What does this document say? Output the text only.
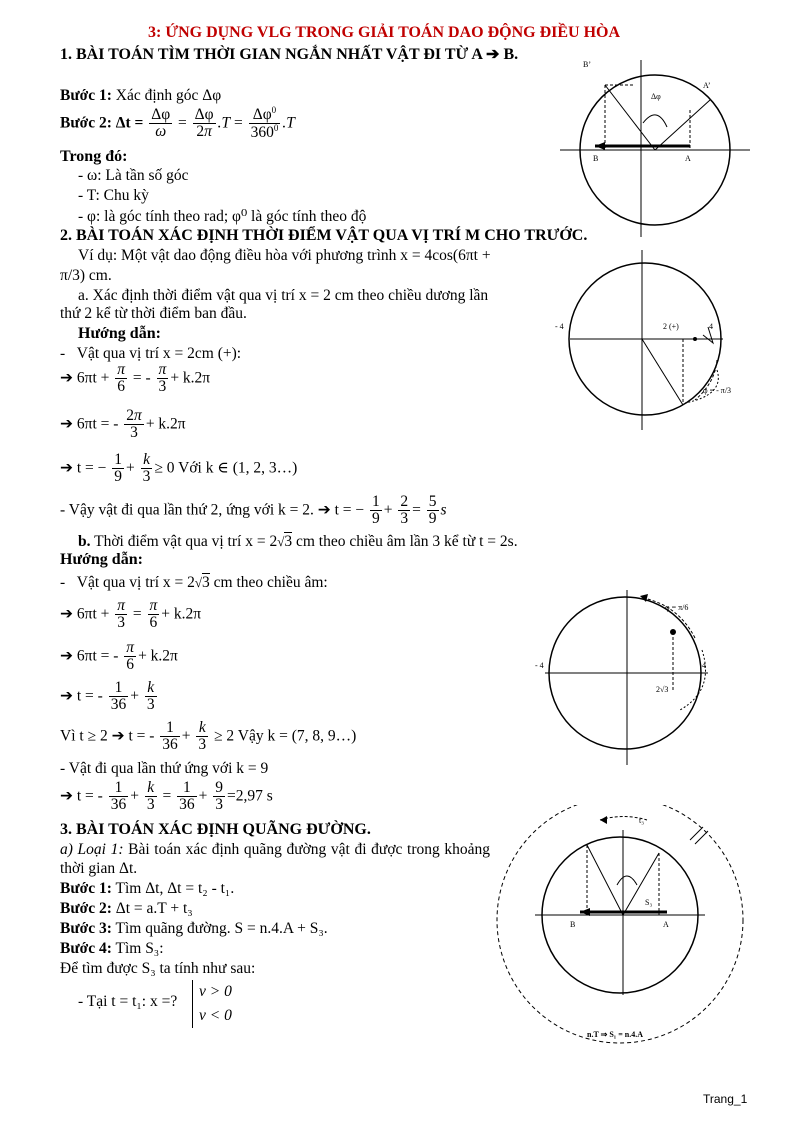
3: ỨNG DỤNG VLG TRONG GIẢI TOÁN DAO ĐỘNG ĐIỀU HÒA
1. BÀI TOÁN TÌM THỜI GIAN NGẮN NHẤT VẬT ĐI TỪ A ➔ B.
Bước 1: Xác định góc Δφ
Bước 2: $\Delta t = \frac{\Delta\varphi}{\omega} = \frac{\Delta\varphi}{2\pi} .T = \frac{\Delta\varphi^0}{360^0} .T$
Trong đó:
- ω: Là tần số góc
- T: Chu kỳ
- φ: là góc tính theo rad; φ⁰ là góc tính theo độ
B’
A’
Δφ
B	A
2. BÀI TOÁN XÁC ĐỊNH THỜI ĐIỂM VẬT QUA VỊ TRÍ M CHO TRƯỚC.
Ví dụ: Một vật dao động điều hòa với phương trình x = 4cos(6πt +
π/3) cm.
a. Xác định thời điểm vật qua vị trí x = 2 cm theo chiều dương lần
thứ 2 kể từ thời điểm ban đầu.
Hướng dẫn:
-   Vật qua vị trí x = 2cm (+):
➔ $6\pi t + \frac{\pi}{6}$ = - $\frac{\pi}{3} + k.2\pi$
➔ 6πt = - $\frac{2\pi}{3} + k.2\pi$
➔ t = − $\frac{1}{9} + \frac{k}{3} \ge 0$ Với k ∈ (1, 2, 3…)
- Vậy vật đi qua lần thứ 2, ứng với k = 2. ➔ t = − $\frac{1}{9} + \frac{2}{3} = \frac{5}{9}$ s
b. Thời điểm vật qua vị trí x = 2√3 cm theo chiều âm lần 3 kể từ t = 2s.
Hướng dẫn:
-   Vật qua vị trí x = 2√3 cm theo chiều âm:
➔ $6\pi t + \frac{\pi}{3} = \frac{\pi}{6} + k.2\pi$
➔ 6πt = - $\frac{\pi}{6} + k.2\pi$
➔ t = - $\frac{1}{36} + \frac{k}{3}$
Vì t ≥ 2 ➔ t = - $\frac{1}{36} + \frac{k}{3} \ge 2$ Vậy k = (7, 8, 9…)
- Vật đi qua lần thứ ứng với k = 9
➔ t = - $\frac{1}{36} + \frac{k}{3} = \frac{1}{36} + \frac{9}{3} =2,97$ s
- 4	2 (+)	4
φ = - π/3
φ = π/6
- 4	4
2√3
3. BÀI TOÁN XÁC ĐỊNH QUÃNG ĐƯỜNG.
a) Loại 1: Bài toán xác định quãng đường vật đi được trong khoảng thời gian Δt.
Bước 1: Tìm Δt, Δt = t₂ - t₁.
Bước 2: Δt = a.T + t₃
Bước 3: Tìm quãng đường. S = n.4.A + S₃.
Bước 4: Tìm S₃:
Để tìm được S₃ ta tính như sau:
- Tại t = t₁: x =?
v > 0
v < 0
t₃
S₃
B	A
n.T ⇒ S₁ = n.4.A
Trang_1
